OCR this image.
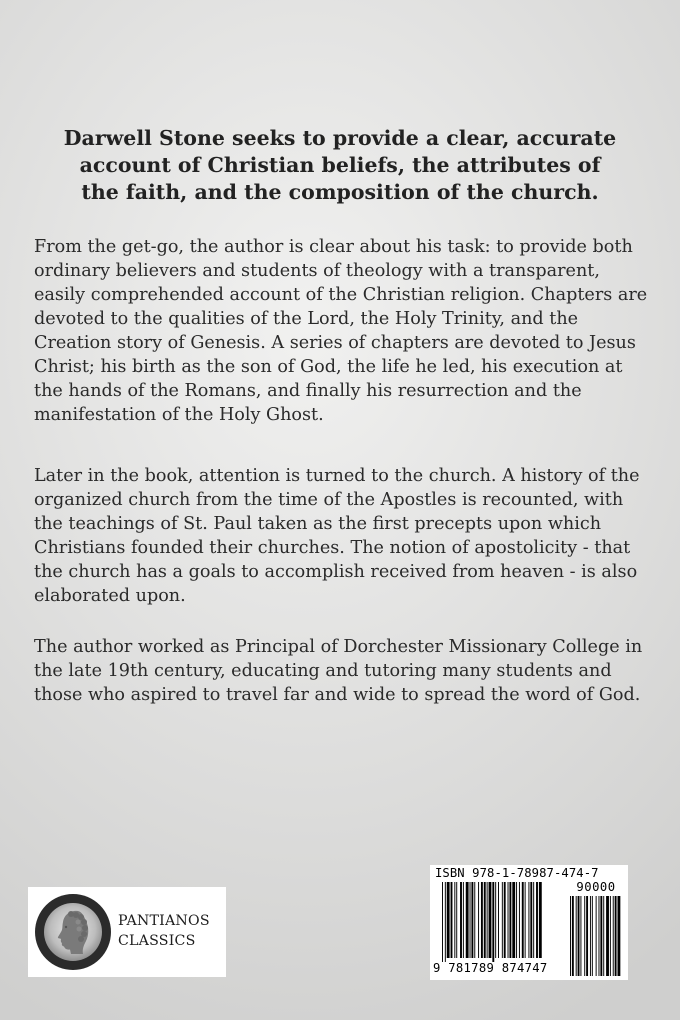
Darwell Stone seeks to provide a clear, accurate account of Christian beliefs, the attributes of the faith, and the composition of the church.

From the get-go, the author is clear about his task: to provide both ordinary believers and students of theology with a transparent, easily comprehended account of the Christian religion. Chapters are devoted to the qualities of the Lord, the Holy Trinity, and the Creation story of Genesis. A series of chapters are devoted to Jesus Christ; his birth as the son of God, the life he led, his execution at the hands of the Romans, and finally his resurrection and the manifestation of the Holy Ghost.

Later in the book, attention is turned to the church. A history of the organized church from the time of the Apostles is recounted, with the teachings of St. Paul taken as the first precepts upon which Christians founded their churches. The notion of apostolicity - that the church has a goals to accomplish received from heaven - is also elaborated upon.

The author worked as Principal of Dorchester Missionary College in the late 19th century, educating and tutoring many students and those who aspired to travel far and wide to spread the word of God.

PANTIANOS
CLASSICS
ISBN 978-1-78987-474-7
90000
9 781789 874747
